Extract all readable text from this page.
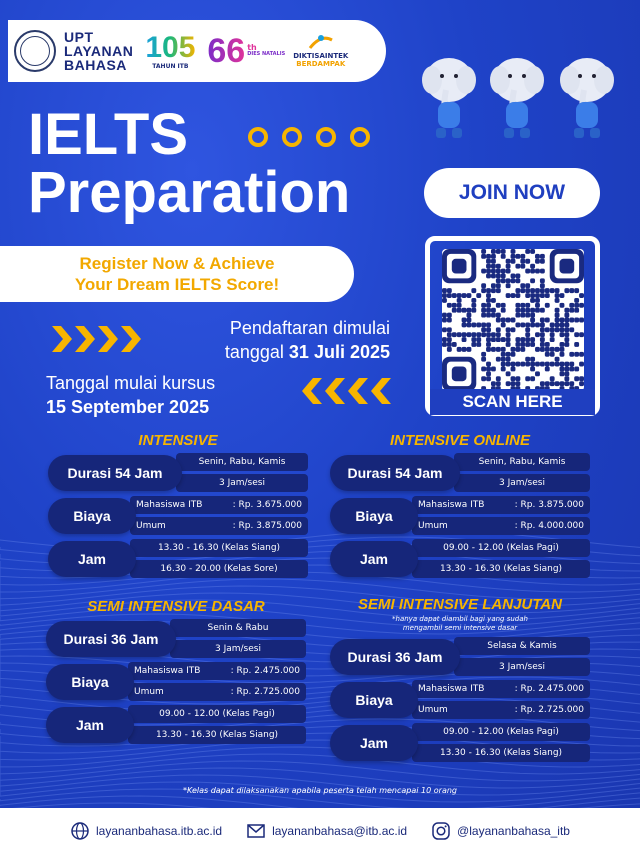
UPT
LAYANAN
BAHASA
105
TAHUN ITB 66 th
DIES NATALIS DIKTISAINTEK
BERDAMPAK
IELTS
Preparation	JOIN NOW
Register Now & Achieve
Your Dream IELTS Score!
SCAN HERE
Pendaftaran dimulai
tanggal 31 Juli 2025
Tanggal mulai kursus
15 September 2025
INTENSIVE
Durasi 54 Jam
Senin, Rabu, Kamis
3 Jam/sesi
Biaya
Mahasiswa ITB	: Rp. 3.675.000
Umum	: Rp. 3.875.000
Jam
13.30 - 16.30 (Kelas Siang)
16.30 - 20.00 (Kelas Sore)
INTENSIVE ONLINE
Durasi 54 Jam
Senin, Rabu, Kamis
3 Jam/sesi
Biaya
Mahasiswa ITB	: Rp. 3.875.000
Umum	: Rp. 4.000.000
Jam
09.00 - 12.00 (Kelas Pagi)
13.30 - 16.30 (Kelas Siang)
SEMI INTENSIVE DASAR
Durasi 36 Jam
Senin & Rabu
3 Jam/sesi
Biaya
Mahasiswa ITB	: Rp. 2.475.000
Umum	: Rp. 2.725.000
Jam
09.00 - 12.00 (Kelas Pagi)
13.30 - 16.30 (Kelas Siang)
SEMI INTENSIVE LANJUTAN
*hanya dapat diambil bagi yang sudah
mengambil semi intensive dasar
Durasi 36 Jam
Selasa & Kamis
3 Jam/sesi
Biaya
Mahasiswa ITB	: Rp. 2.475.000
Umum	: Rp. 2.725.000
Jam
09.00 - 12.00 (Kelas Pagi)
13.30 - 16.30 (Kelas Siang)
*Kelas dapat dilaksanakan apabila peserta telah mencapai 10 orang
layananbahasa.itb.ac.id	layananbahasa@itb.ac.id	@layananbahasa_itb
